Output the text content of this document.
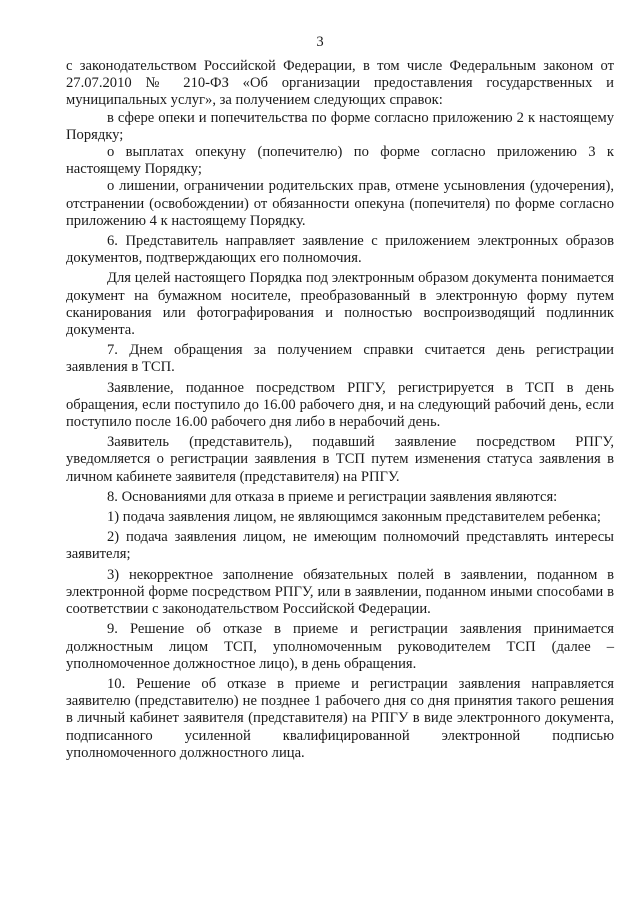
3

с законодательством Российской Федерации, в том числе Федеральным законом от 27.07.2010 № 210-ФЗ «Об организации предоставления государственных и муниципальных услуг», за получением следующих справок:

в сфере опеки и попечительства по форме согласно приложению 2 к настоящему Порядку;

о выплатах опекуну (попечителю) по форме согласно приложению 3 к настоящему Порядку;

о лишении, ограничении родительских прав, отмене усыновления (удочерения), отстранении (освобождении) от обязанности опекуна (попечителя) по форме согласно приложению 4 к настоящему Порядку.

6. Представитель направляет заявление с приложением электронных образов документов, подтверждающих его полномочия.

Для целей настоящего Порядка под электронным образом документа понимается документ на бумажном носителе, преобразованный в электронную форму путем сканирования или фотографирования и полностью воспроизводящий подлинник документа.

7. Днем обращения за получением справки считается день регистрации заявления в ТСП.

Заявление, поданное посредством РПГУ, регистрируется в ТСП в день обращения, если поступило до 16.00 рабочего дня, и на следующий рабочий день, если поступило после 16.00 рабочего дня либо в нерабочий день.

Заявитель (представитель), подавший заявление посредством РПГУ, уведомляется о регистрации заявления в ТСП путем изменения статуса заявления в личном кабинете заявителя (представителя) на РПГУ.

8. Основаниями для отказа в приеме и регистрации заявления являются:

1) подача заявления лицом, не являющимся законным представителем ребенка;

2) подача заявления лицом, не имеющим полномочий представлять интересы заявителя;

3) некорректное заполнение обязательных полей в заявлении, поданном в электронной форме посредством РПГУ, или в заявлении, поданном иными способами в соответствии с законодательством Российской Федерации.

9. Решение об отказе в приеме и регистрации заявления принимается должностным лицом ТСП, уполномоченным руководителем ТСП (далее – уполномоченное должностное лицо), в день обращения.

10. Решение об отказе в приеме и регистрации заявления направляется заявителю (представителю) не позднее 1 рабочего дня со дня принятия такого решения в личный кабинет заявителя (представителя) на РПГУ в виде электронного документа, подписанного усиленной квалифицированной электронной подписью уполномоченного должностного лица.
